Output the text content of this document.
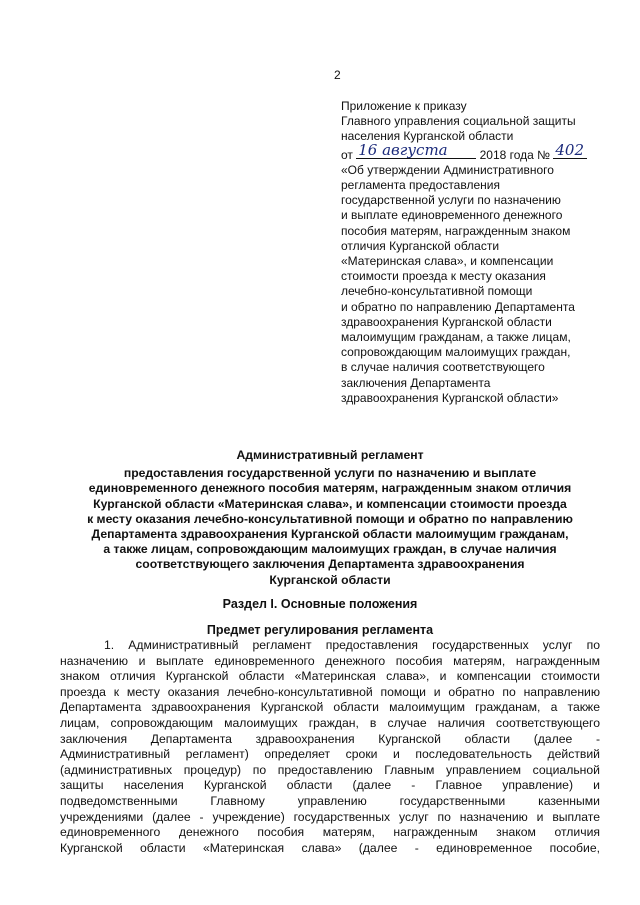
2
Приложение к приказу
Главного управления социальной защиты
населения Курганской области
от 16 августа	2018 года № 402
«Об утверждении Административного
регламента предоставления
государственной услуги по назначению
и выплате единовременного денежного
пособия матерям, награжденным знаком
отличия Курганской области
«Материнская слава», и компенсации
стоимости проезда к месту оказания
лечебно-консультативной помощи
и обратно по направлению Департамента
здравоохранения Курганской области
малоимущим гражданам, а также лицам,
сопровождающим малоимущих граждан,
в случае наличия соответствующего
заключения Департамента
здравоохранения Курганской области»
Административный регламент
предоставления государственной услуги по назначению и выплате
единовременного денежного пособия матерям, награжденным знаком отличия
Курганской области «Материнская слава», и компенсации стоимости проезда
к месту оказания лечебно-консультативной помощи и обратно по направлению
Департамента здравоохранения Курганской области малоимущим гражданам,
а также лицам, сопровождающим малоимущих граждан, в случае наличия
соответствующего заключения Департамента здравоохранения
Курганской области
Раздел I. Основные положения
Предмет регулирования регламента
1. Административный регламент предоставления государственных услуг по
назначению и выплате единовременного денежного пособия матерям, награжденным
знаком отличия Курганской области «Материнская слава», и компенсации стоимости
проезда к месту оказания лечебно-консультативной помощи и обратно по направлению
Департамента здравоохранения Курганской области малоимущим гражданам, а также
лицам, сопровождающим малоимущих граждан, в случае наличия соответствующего
заключения Департамента здравоохранения Курганской области (далее -
Административный регламент) определяет сроки и последовательность действий
(административных процедур) по предоставлению Главным управлением социальной
защиты населения Курганской области (далее - Главное управление) и
подведомственными Главному управлению государственными казенными
учреждениями (далее - учреждение) государственных услуг по назначению и выплате
единовременного денежного пособия матерям, награжденным знаком отличия
Курганской области «Материнская слава» (далее - единовременное пособие,
